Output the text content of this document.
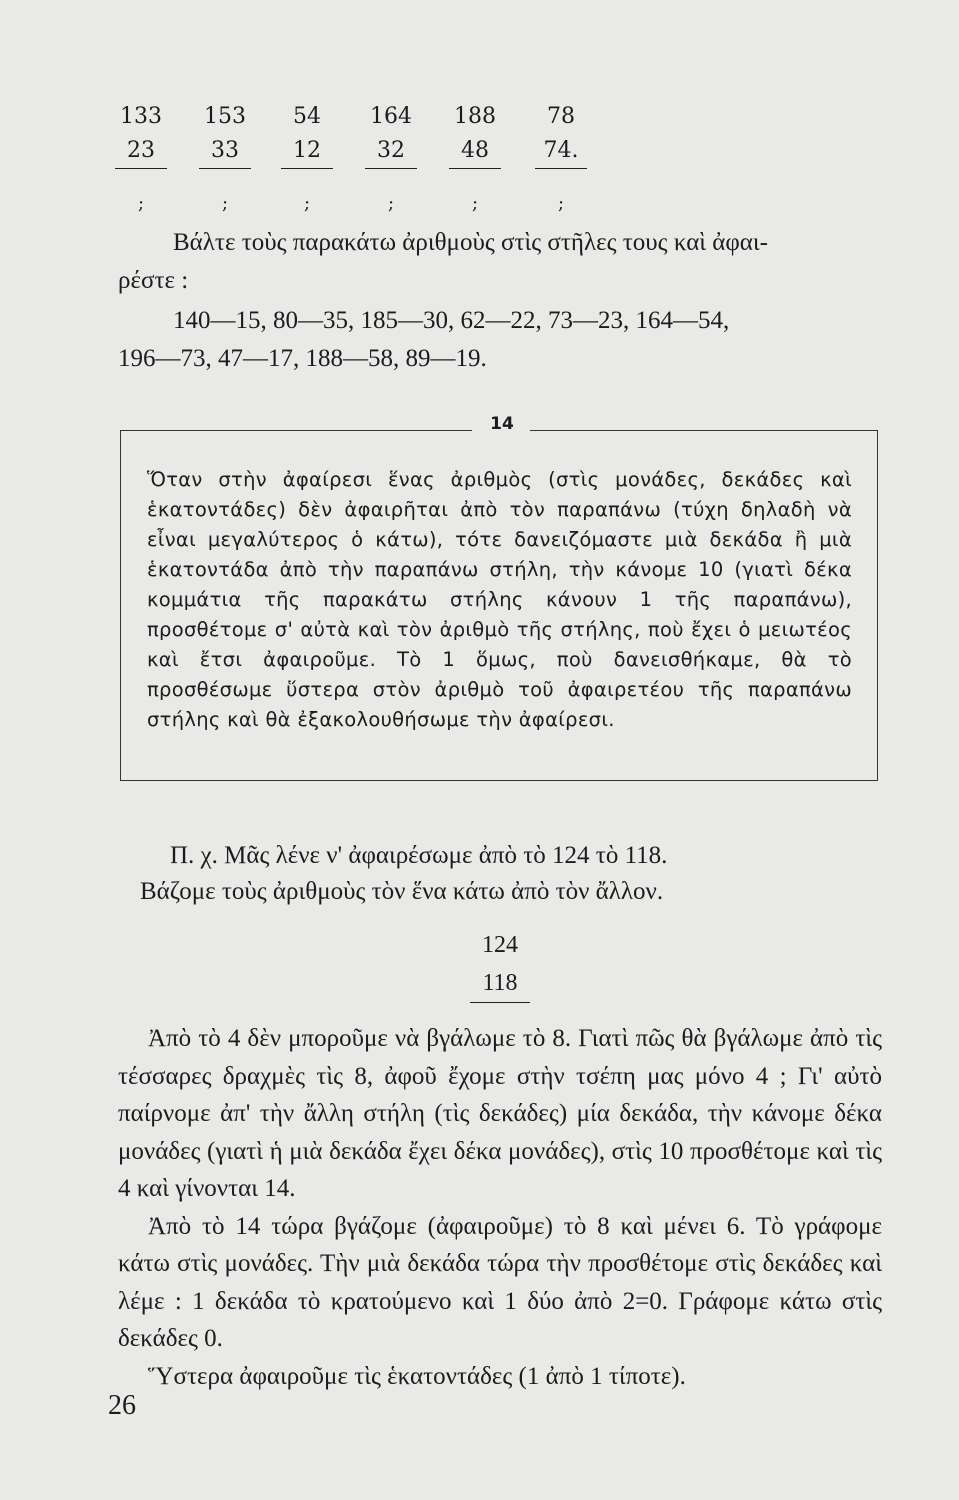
133
23
;
153
33
;
54
12
;
164
32
;
188
48
;
78
74.
;
Βάλτε τοὺς παρακάτω ἀριθμοὺς στὶς στῆλες τους καὶ ἀφαι-
ρέστε :
140—15, 80—35, 185—30, 62—22, 73—23, 164—54,
196—73, 47—17, 188—58, 89—19.
14
Ὅταν στὴν ἀφαίρεσι ἕνας ἀριθμὸς (στὶς μονάδες, δεκάδες καὶ ἑκατοντάδες) δὲν ἀφαιρῆται ἀπὸ τὸν παραπάνω (τύχη δηλαδὴ νὰ εἶναι μεγαλύτερος ὁ κάτω), τότε δανειζόμαστε μιὰ δεκάδα ἢ μιὰ ἑκατοντάδα ἀπὸ τὴν παραπάνω στήλη, τὴν κάνομε 10 (γιατὶ δέκα κομμάτια τῆς παρακάτω στήλης κάνουν 1 τῆς παραπάνω), προσθέτομε σ' αὐτὰ καὶ τὸν ἀριθμὸ τῆς στήλης, ποὺ ἔχει ὁ μειωτέος καὶ ἔτσι ἀφαιροῦμε. Τὸ 1 ὅμως, ποὺ δανεισθήκαμε, θὰ τὸ προσθέσωμε ὕστερα στὸν ἀριθμὸ τοῦ ἀφαιρετέου τῆς παραπάνω στήλης καὶ θὰ ἐξακολουθήσωμε τὴν ἀφαίρεσι.
Π. χ. Μᾶς λένε ν' ἀφαιρέσωμε ἀπὸ τὸ 124 τὸ 118.
Βάζομε τοὺς ἀριθμοὺς τὸν ἕνα κάτω ἀπὸ τὸν ἄλλον.
124
118

Ἀπὸ τὸ 4 δὲν μποροῦμε νὰ βγάλωμε τὸ 8. Γιατὶ πῶς θὰ βγάλωμε ἀπὸ τὶς τέσσαρες δραχμὲς τὶς 8, ἀφοῦ ἔχομε στὴν τσέπη μας μόνο 4 ; Γι' αὐτὸ παίρνομε ἀπ' τὴν ἄλλη στήλη (τὶς δεκάδες) μία δεκάδα, τὴν κάνομε δέκα μονάδες (γιατὶ ἡ μιὰ δεκάδα ἔχει δέκα μονάδες), στὶς 10 προσθέτομε καὶ τὶς 4 καὶ γίνονται 14.

Ἀπὸ τὸ 14 τώρα βγάζομε (ἀφαιροῦμε) τὸ 8 καὶ μένει 6. Τὸ γράφομε κάτω στὶς μονάδες. Τὴν μιὰ δεκάδα τώρα τὴν προσθέτομε στὶς δεκάδες καὶ λέμε : 1 δεκάδα τὸ κρατούμενο καὶ 1 δύο ἀπὸ 2=0. Γράφομε κάτω στὶς δεκάδες 0.

Ὕστερα ἀφαιροῦμε τὶς ἑκατοντάδες (1 ἀπὸ 1 τίποτε).

26
